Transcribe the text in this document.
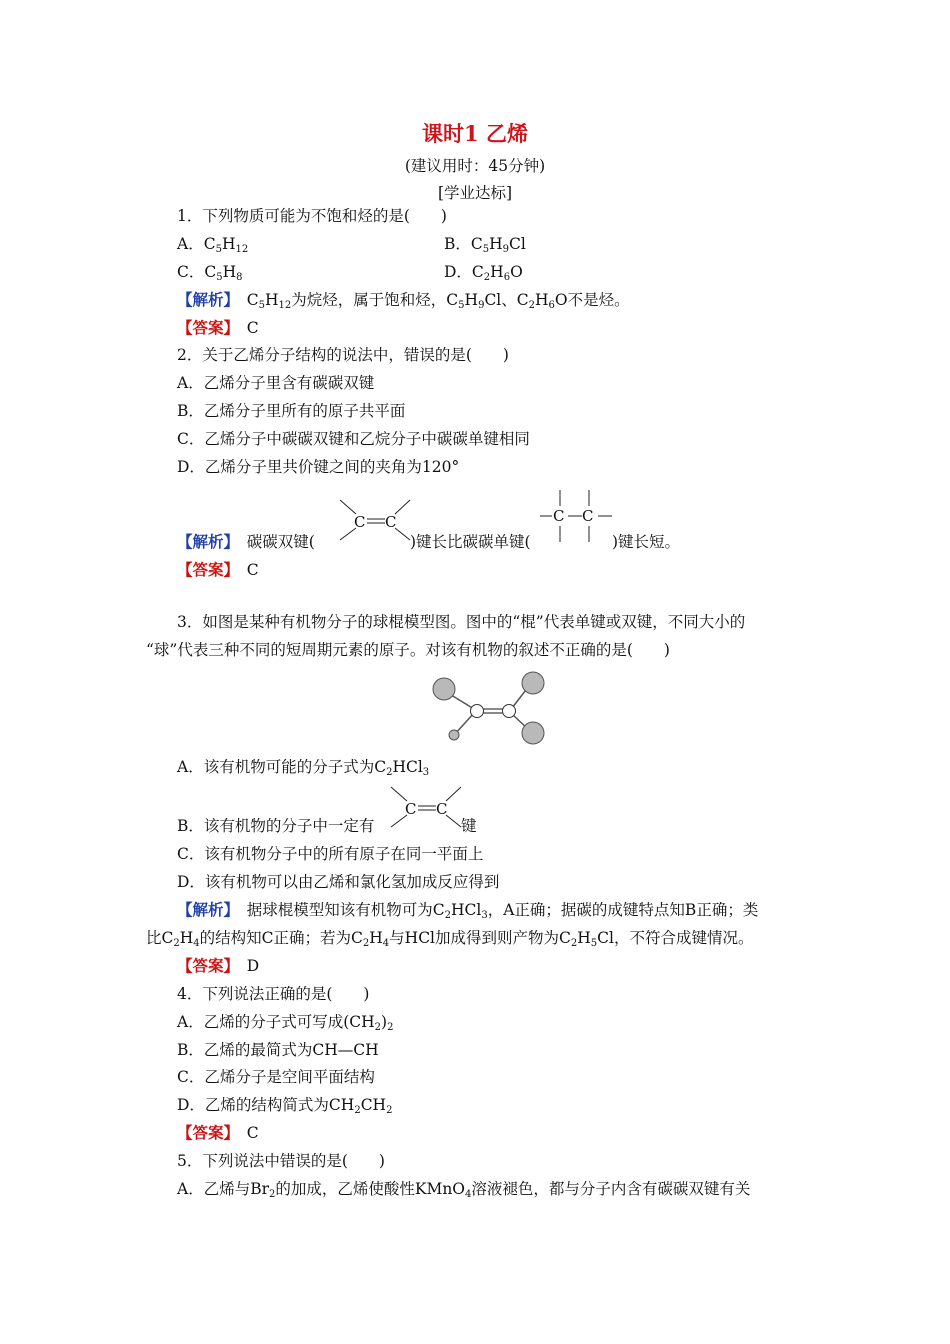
课时1 乙烯
(建议用时：45分钟)
[学业达标]
1．下列物质可能为不饱和烃的是(　　)
A．$C_5H_{12}$	B．$C_5H_9Cl$
C．$C_5H_8$	D．$C_2H_6O$
【解析】　$C_5H_{12}$为烷烃，属于饱和烃，$C_5H_9Cl$、$C_2H_6O$不是烃。
【答案】　 C
2．关于乙烯分子结构的说法中，错误的是(　　)
A．乙烯分子里含有碳碳双键
B．乙烯分子里所有的原子共平面
C．乙烯分子中碳碳双键和乙烷分子中碳碳单键相同
D．乙烯分子里共价键之间的夹角为120°
【解析】　 碳碳双键(
C C
)键长比碳碳单键(
C C
)键长短。
【答案】　 C
3．如图是某种有机物分子的球棍模型图。图中的“棍”代表单键或双键，不同大小的
“球”代表三种不同的短周期元素的原子。对该有机物的叙述不正确的是(　　)
A．该有机物可能的分子式为$C_2HCl_3$
B．该有机物的分子中一定有
C C
键
C．该有机物分子中的所有原子在同一平面上
D．该有机物可以由乙烯和氯化氢加成反应得到
【解析】　据球棍模型知该有机物可为$C_2HCl_3$，A正确；据碳的成键特点知B正确；类
比$C_2H_4$的结构知C正确；若为$C_2H_4$与HCl加成得到则产物为$C_2H_5Cl$，不符合成键情况。
【答案】　 D
4．下列说法正确的是(　　)
A．乙烯的分子式可写成$(CH_2)_2$
B．乙烯的最简式为CH—CH
C．乙烯分子是空间平面结构
D．乙烯的结构简式为$CH_2CH_2$
【答案】　 C
5．下列说法中错误的是(　　)
A．乙烯与$Br_2$的加成，乙烯使酸性KMnO$_4$溶液褪色，都与分子内含有碳碳双键有关
